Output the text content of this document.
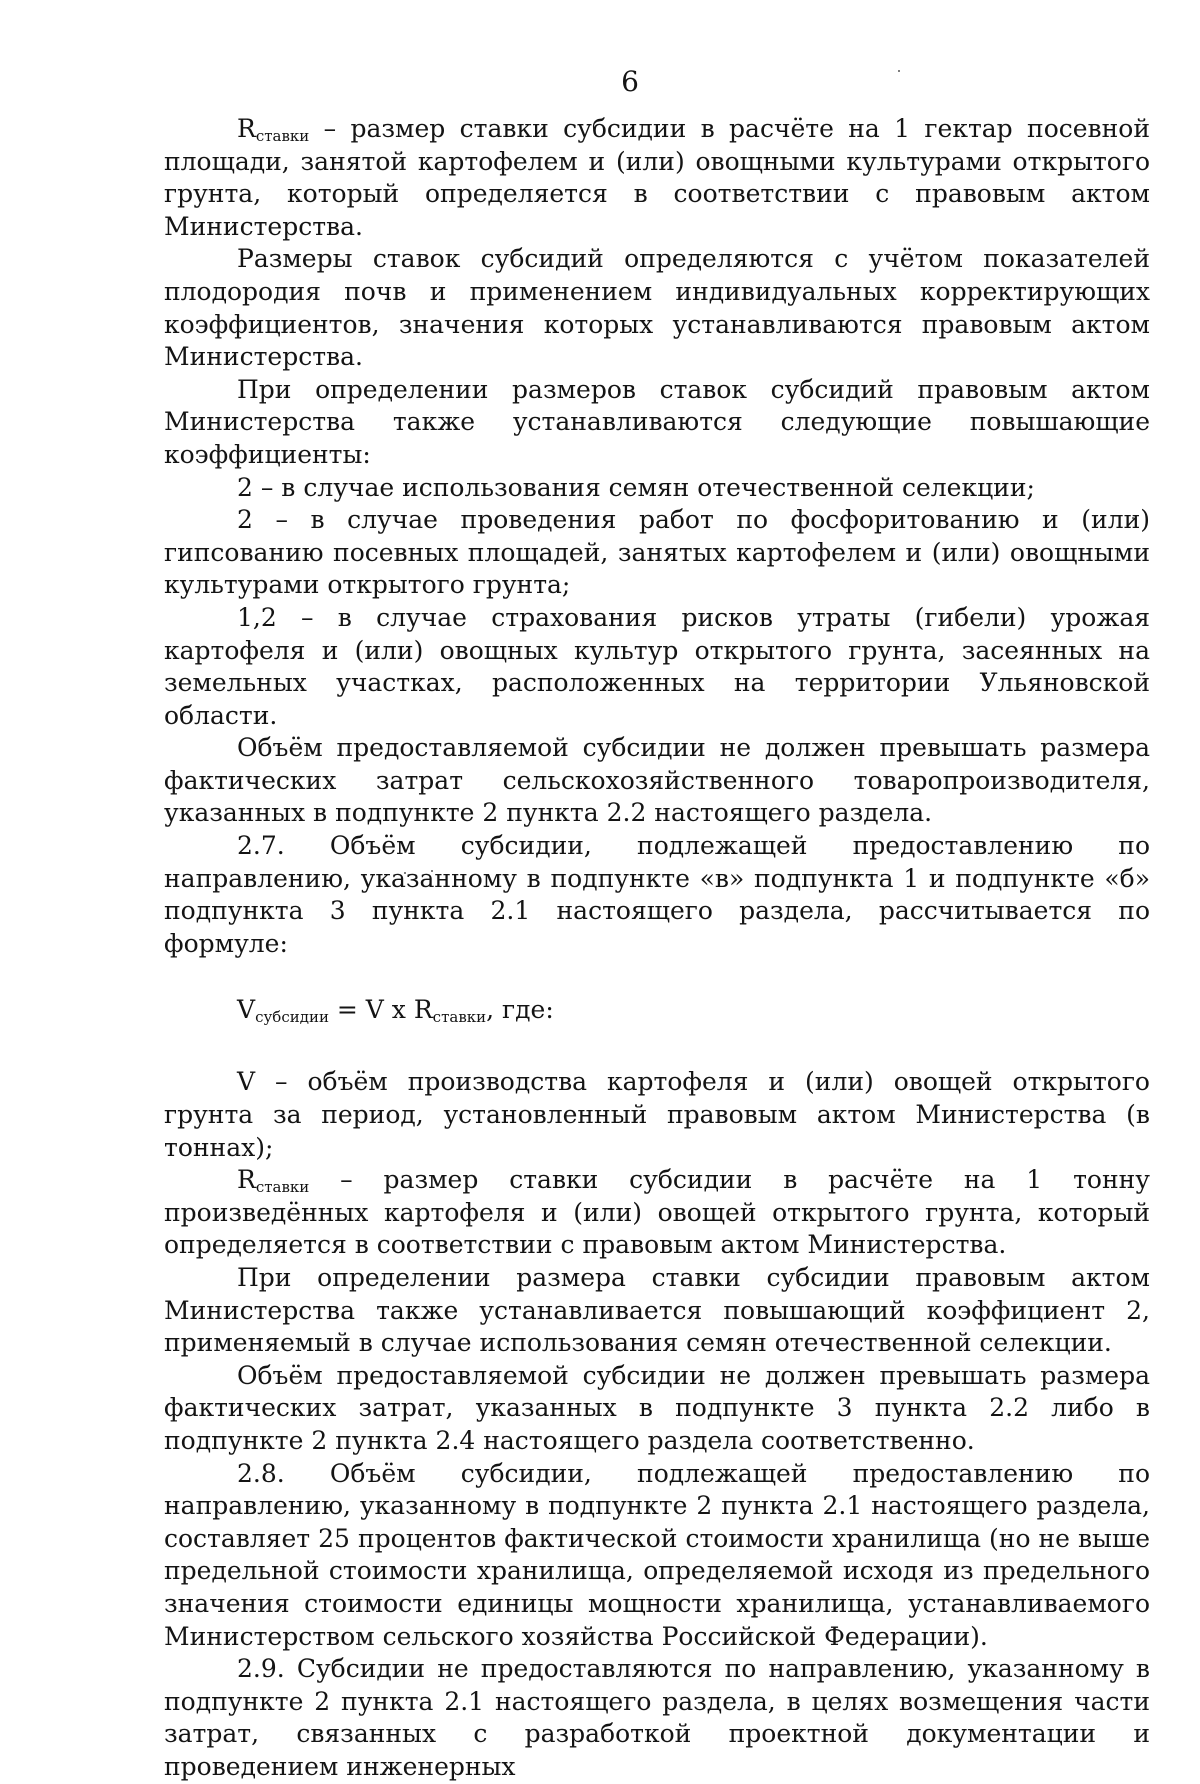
6

$R_{ставки}$ – размер ставки субсидии в расчёте на 1 гектар посевной площади, занятой картофелем и (или) овощными культурами открытого грунта, который определяется в соответствии с правовым актом Министерства.

Размеры ставок субсидий определяются с учётом показателей плодородия почв и применением индивидуальных корректирующих коэффициентов, значения которых устанавливаются правовым актом Министерства.

При определении размеров ставок субсидий правовым актом Министерства также устанавливаются следующие повышающие коэффициенты:

2 – в случае использования семян отечественной селекции;

2 – в случае проведения работ по фосфоритованию и (или) гипсованию посевных площадей, занятых картофелем и (или) овощными культурами открытого грунта;

1,2 – в случае страхования рисков утраты (гибели) урожая картофеля и (или) овощных культур открытого грунта, засеянных на земельных участках, расположенных на территории Ульяновской области.

Объём предоставляемой субсидии не должен превышать размера фактических затрат сельскохозяйственного товаропроизводителя, указанных в подпункте 2 пункта 2.2 настоящего раздела.

2.7. Объём субсидии, подлежащей предоставлению по направлению, указанному в подпункте «в» подпункта 1 и подпункте «б» подпункта 3 пункта 2.1 настоящего раздела, рассчитывается по формуле:

$V_{субсидии} = V$ x $R_{ставки}$, где:

V – объём производства картофеля и (или) овощей открытого грунта за период, установленный правовым актом Министерства (в тоннах);

$R_{ставки}$ – размер ставки субсидии в расчёте на 1 тонну произведённых картофеля и (или) овощей открытого грунта, который определяется в соответствии с правовым актом Министерства.

При определении размера ставки субсидии правовым актом Министерства также устанавливается повышающий коэффициент 2, применяемый в случае использования семян отечественной селекции.

Объём предоставляемой субсидии не должен превышать размера фактических затрат, указанных в подпункте 3 пункта 2.2 либо в подпункте 2 пункта 2.4 настоящего раздела соответственно.

2.8. Объём субсидии, подлежащей предоставлению по направлению, указанному в подпункте 2 пункта 2.1 настоящего раздела, составляет 25 процентов фактической стоимости хранилища (но не выше предельной стоимости хранилища, определяемой исходя из предельного значения стоимости единицы мощности хранилища, устанавливаемого Министерством сельского хозяйства Российской Федерации).

2.9. Субсидии не предоставляются по направлению, указанному в подпункте 2 пункта 2.1 настоящего раздела, в целях возмещения части затрат, связанных с разработкой проектной документации и проведением инженерных
